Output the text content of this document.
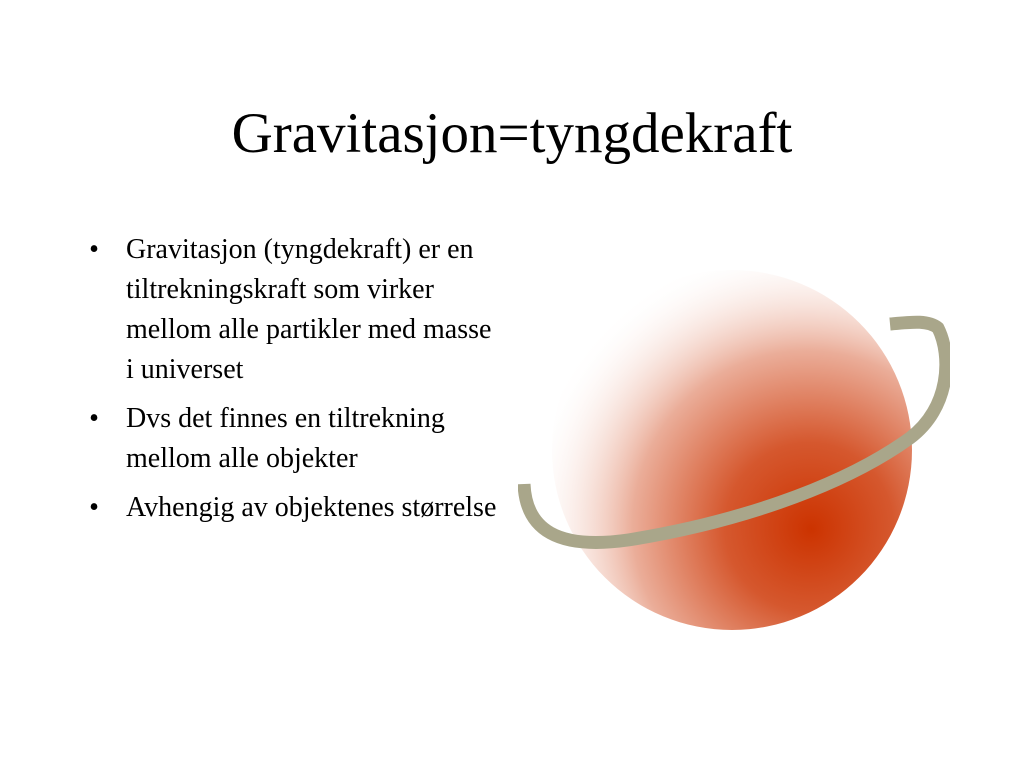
Gravitasjon=tyngdekraft
• Gravitasjon (tyngdekraft) er en tiltrekningskraft som virker mellom alle partikler med masse i universet
• Dvs det finnes en tiltrekning mellom alle objekter
• Avhengig av objektenes størrelse
